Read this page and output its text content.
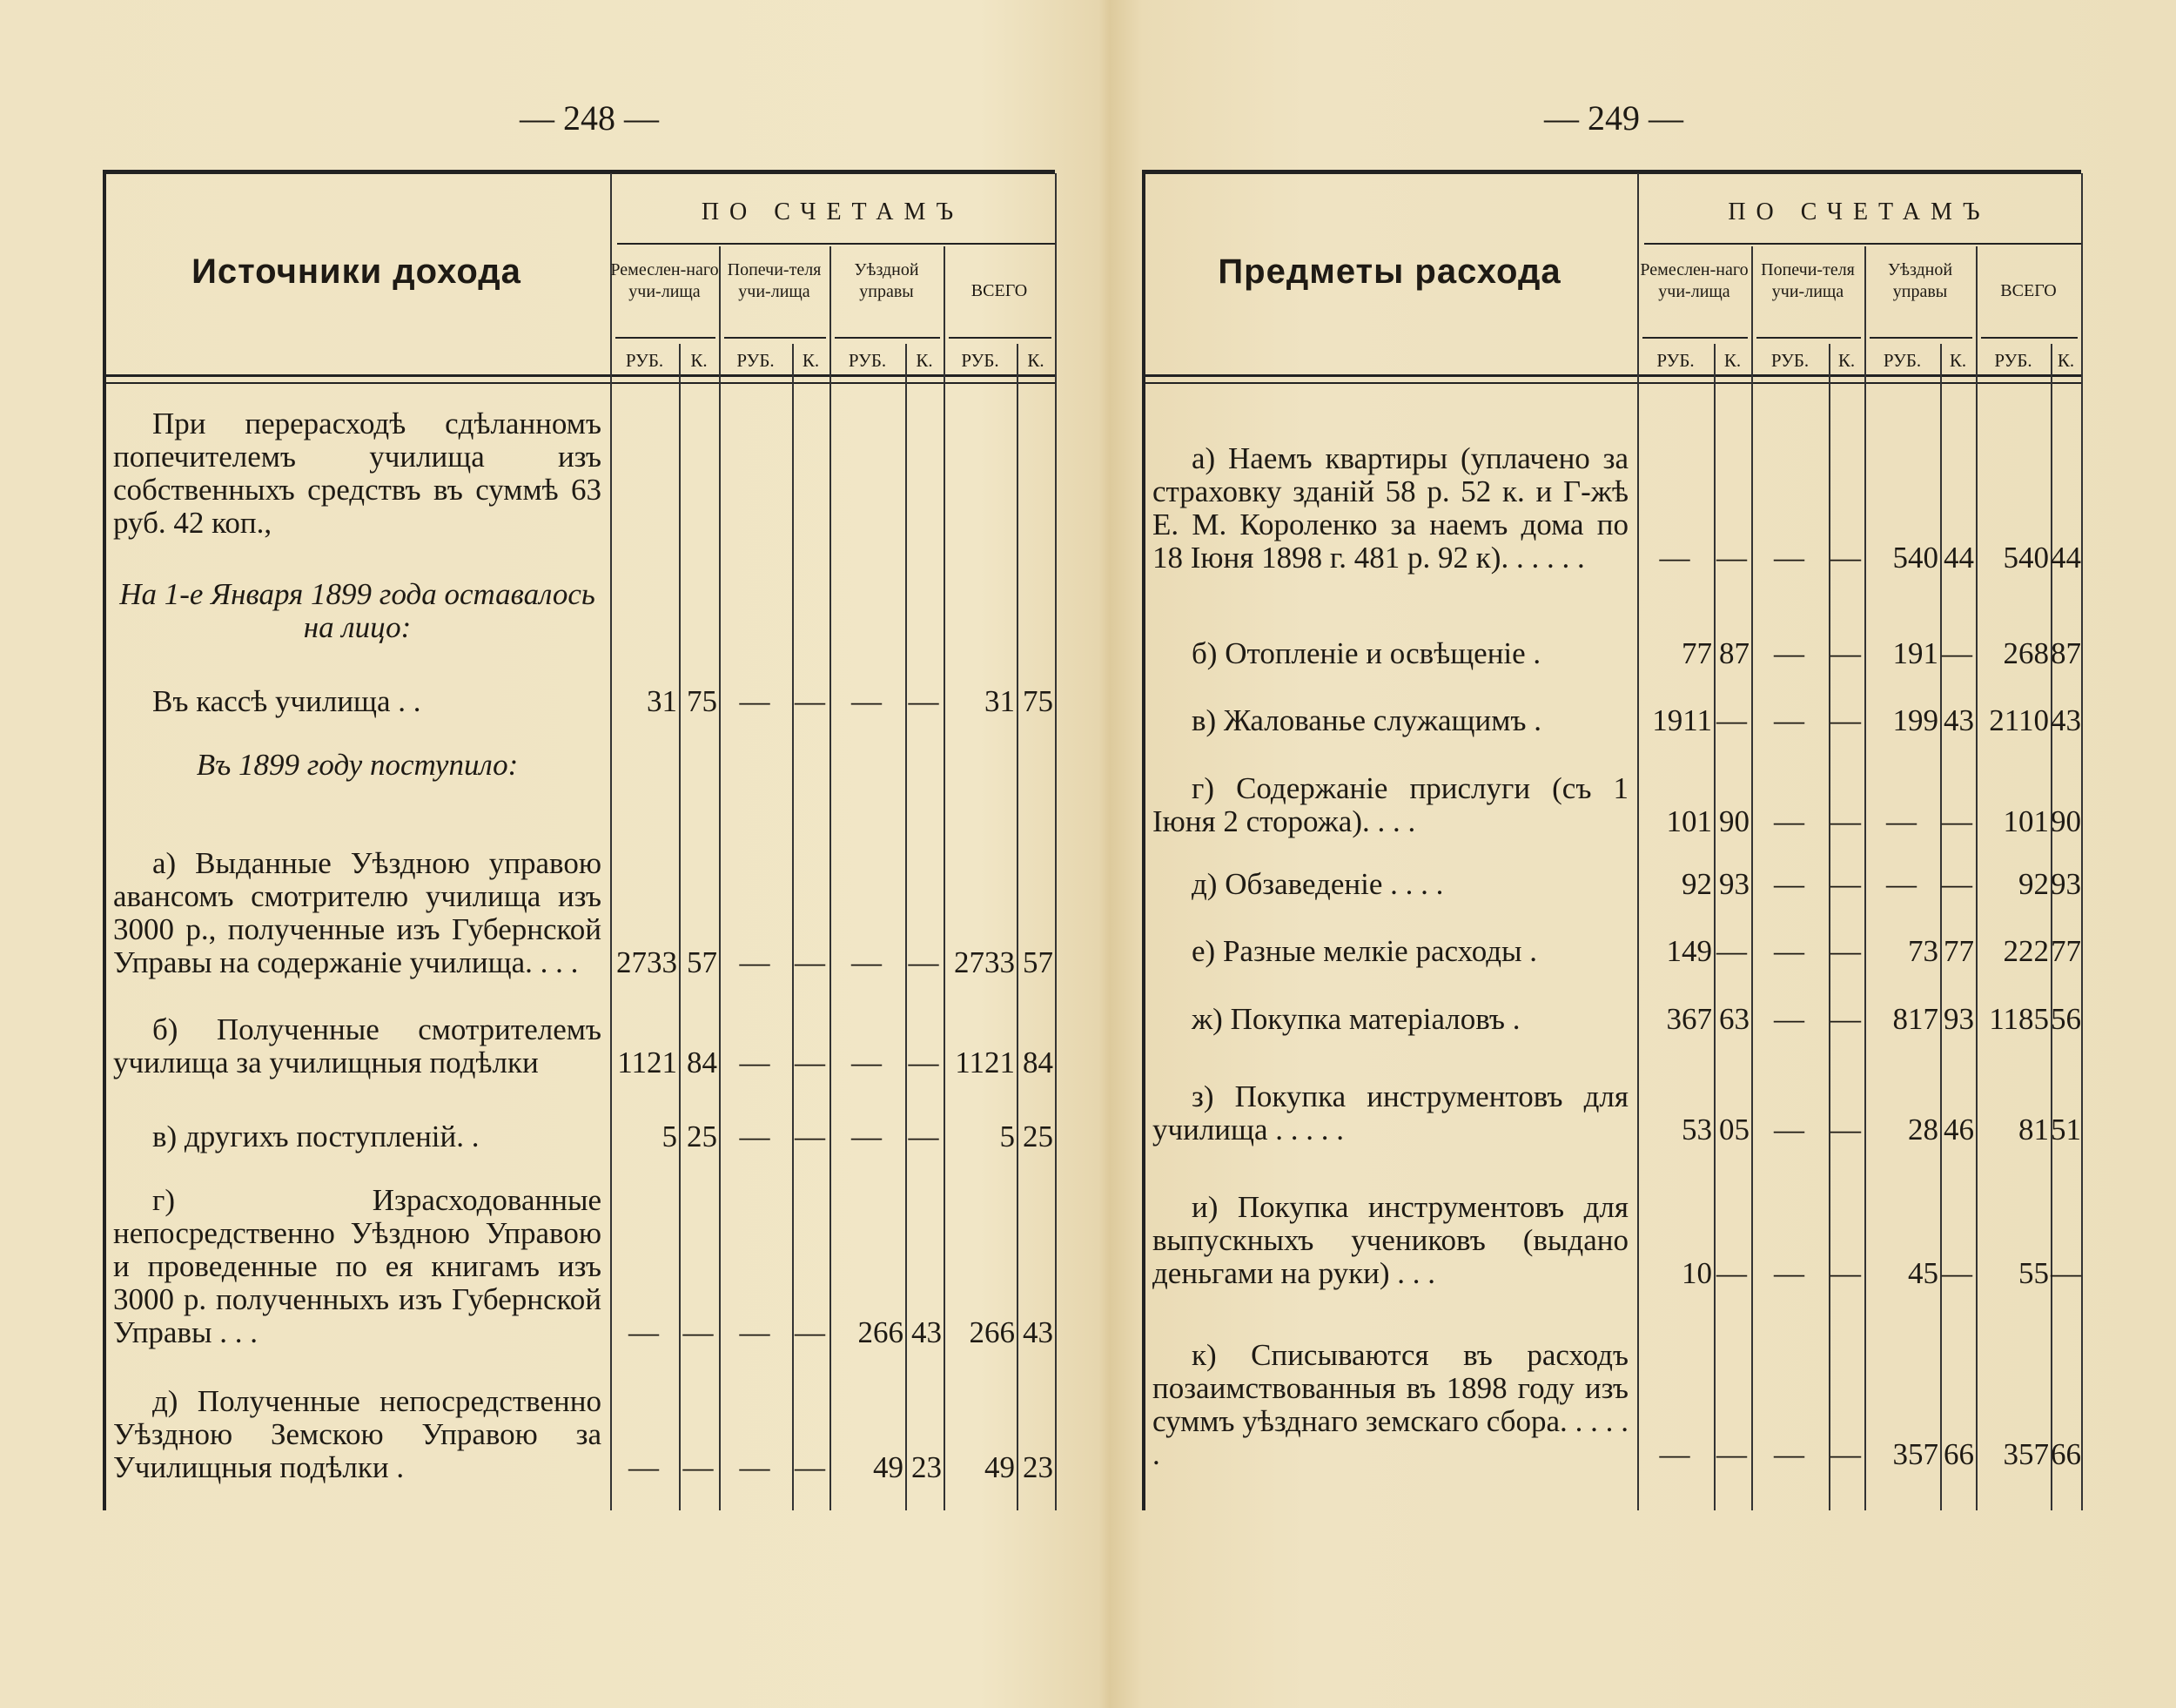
— 248 —
Источники дохода
ПО СЧЕТАМЪ
Ремеслен-наго учи-лища
РУБ.	К.
Попечи-теля учи-лища
РУБ.	К.
Уѣздной управы
РУБ.	К.
ВСЕГО
РУБ.	К.
При перерасходѣ сдѣланномъ попечителемъ училища изъ собственныхъ средствъ въ суммѣ 63 руб. 42 коп.,
На 1-е Января 1899 года оставалось на лицо:
Въ кассѣ училища . .	31 75 — — — —	31 75
Въ 1899 году поступило:
а) Выданные Уѣздною управою авансомъ смотрителю училища изъ 3000 р., полученные изъ Губернской Управы на содержаніе училища. . . .	2733 57 — — — — 2733 57
б) Полученные смотрителемъ училища за училищныя подѣлки	1121 84 — — — — 1121 84
в) другихъ поступленій. .	5 25 — — — —	5 25
г) Израсходованные непосредственно Уѣздною Управою и проведенные по ея книгамъ изъ 3000 р. полученныхъ изъ Губернской Управы . . .	— — — —	266 43 266 43
д) Полученные непосредственно Уѣздною Земскою Управою за Училищныя подѣлки .	— — — —	49 23	49 23
— 249 —
Предметы расхода
ПО СЧЕТАМЪ
Ремеслен-наго учи-лища
РУБ.	К.
Попечи-теля учи-лища
РУБ.	К.
Уѣздной управы
РУБ.	К.
ВСЕГО
РУБ.	К.
а) Наемъ квартиры (уплачено за страховку зданій 58 р. 52 к. и Г-жѣ Е. М. Короленко за наемъ дома по 18 Іюня 1898 г. 481 р. 92 к). . . . . .	— — — —	540 44 540 44
б) Отопленіе и освѣщеніе .	77 87 — —	191 —	268 87
в) Жалованье служащимъ .	1911 — — —	199 43 2110 43
г) Содержаніе прислуги (съ 1 Іюня 2 сторожа). . . .	101 90 — — — —	101 90
д) Обзаведеніе . . . .	92 93 — — — —	92 93
е) Разные мелкіе расходы .	149 — — —	73 77 222 77
ж) Покупка матеріаловъ .	367 63 — —	817 93 1185 56
з) Покупка инструментовъ для училища . . . . .	53 05 — —	28 46	81 51
и) Покупка инструментовъ для выпускныхъ учениковъ (выдано деньгами на руки) . . .	10 — — —	45 —	55 —
к) Списываются въ расходъ позаимствованныя въ 1898 году изъ суммъ уѣзднаго земскаго сбора. . . . . .	— — — —	357 66 357 66
